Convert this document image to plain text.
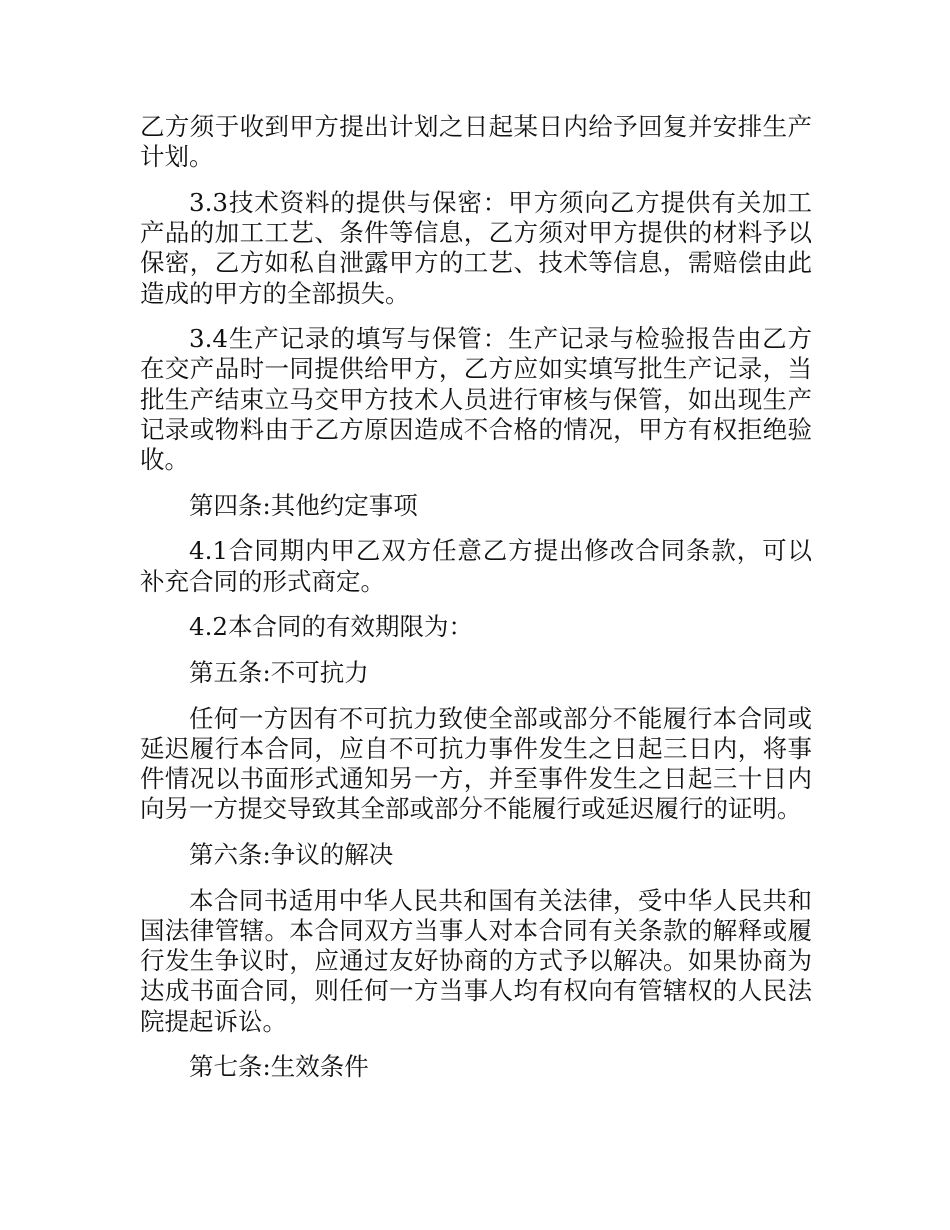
乙方须于收到甲方提出计划之日起某日内给予回复并安排生产计划。

3.3技术资料的提供与保密：甲方须向乙方提供有关加工产品的加工工艺、条件等信息，乙方须对甲方提供的材料予以保密，乙方如私自泄露甲方的工艺、技术等信息，需赔偿由此造成的甲方的全部损失。

3.4生产记录的填写与保管：生产记录与检验报告由乙方在交产品时一同提供给甲方，乙方应如实填写批生产记录，当批生产结束立马交甲方技术人员进行审核与保管，如出现生产记录或物料由于乙方原因造成不合格的情况，甲方有权拒绝验收。

第四条:其他约定事项

4.1合同期内甲乙双方任意乙方提出修改合同条款，可以补充合同的形式商定。

4.2本合同的有效期限为：

第五条:不可抗力

任何一方因有不可抗力致使全部或部分不能履行本合同或延迟履行本合同，应自不可抗力事件发生之日起三日内，将事件情况以书面形式通知另一方，并至事件发生之日起三十日内向另一方提交导致其全部或部分不能履行或延迟履行的证明。

第六条:争议的解决

本合同书适用中华人民共和国有关法律，受中华人民共和国法律管辖。本合同双方当事人对本合同有关条款的解释或履行发生争议时，应通过友好协商的方式予以解决。如果协商为达成书面合同，则任何一方当事人均有权向有管辖权的人民法院提起诉讼。

第七条:生效条件
